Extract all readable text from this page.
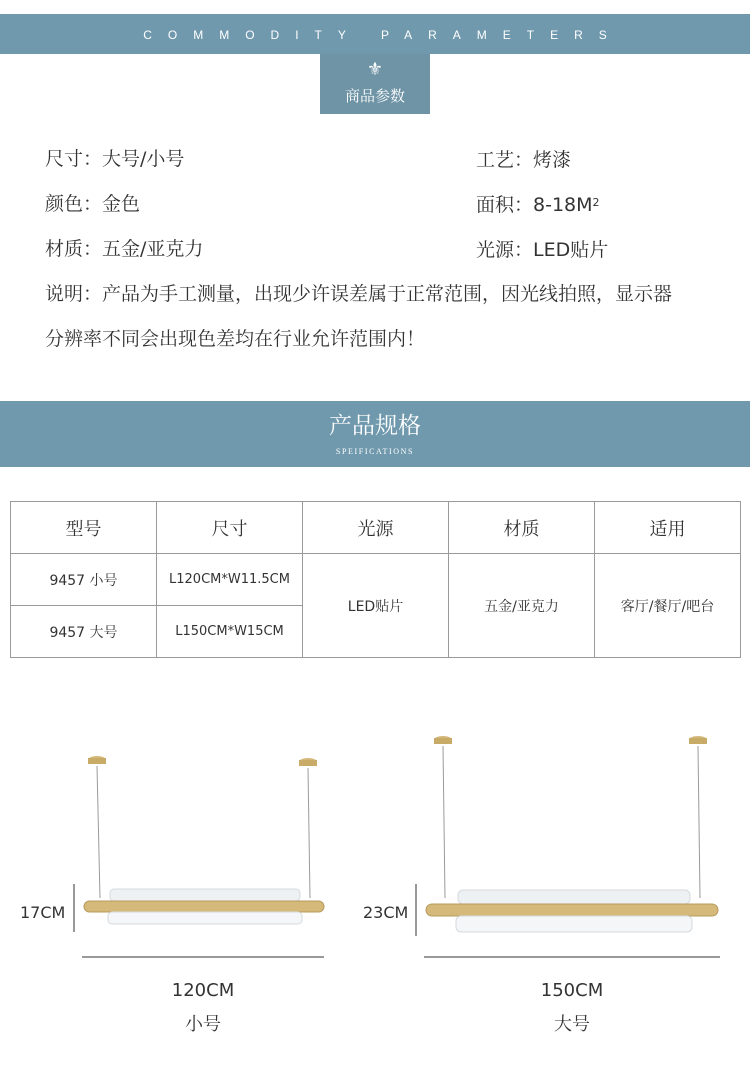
COMMODITY PARAMETERS
⚜
商品参数
尺寸：大号/小号	工艺：烤漆
颜色：金色	面积：$8-18M^2$
材质：五金/亚克力	光源：LED贴片
说明：产品为手工测量，出现少许误差属于正常范围，因光线拍照，显示器
分辨率不同会出现色差均在行业允许范围内！
产品规格
SPEIFICATIONS
型号	尺寸	光源	材质	适用
9457 小号	L120CM*W11.5CM	LED贴片	五金/亚克力	客厅/餐厅/吧台
9457 大号	L150CM*W15CM			
17CM
120CM
小号
23CM
150CM
大号
